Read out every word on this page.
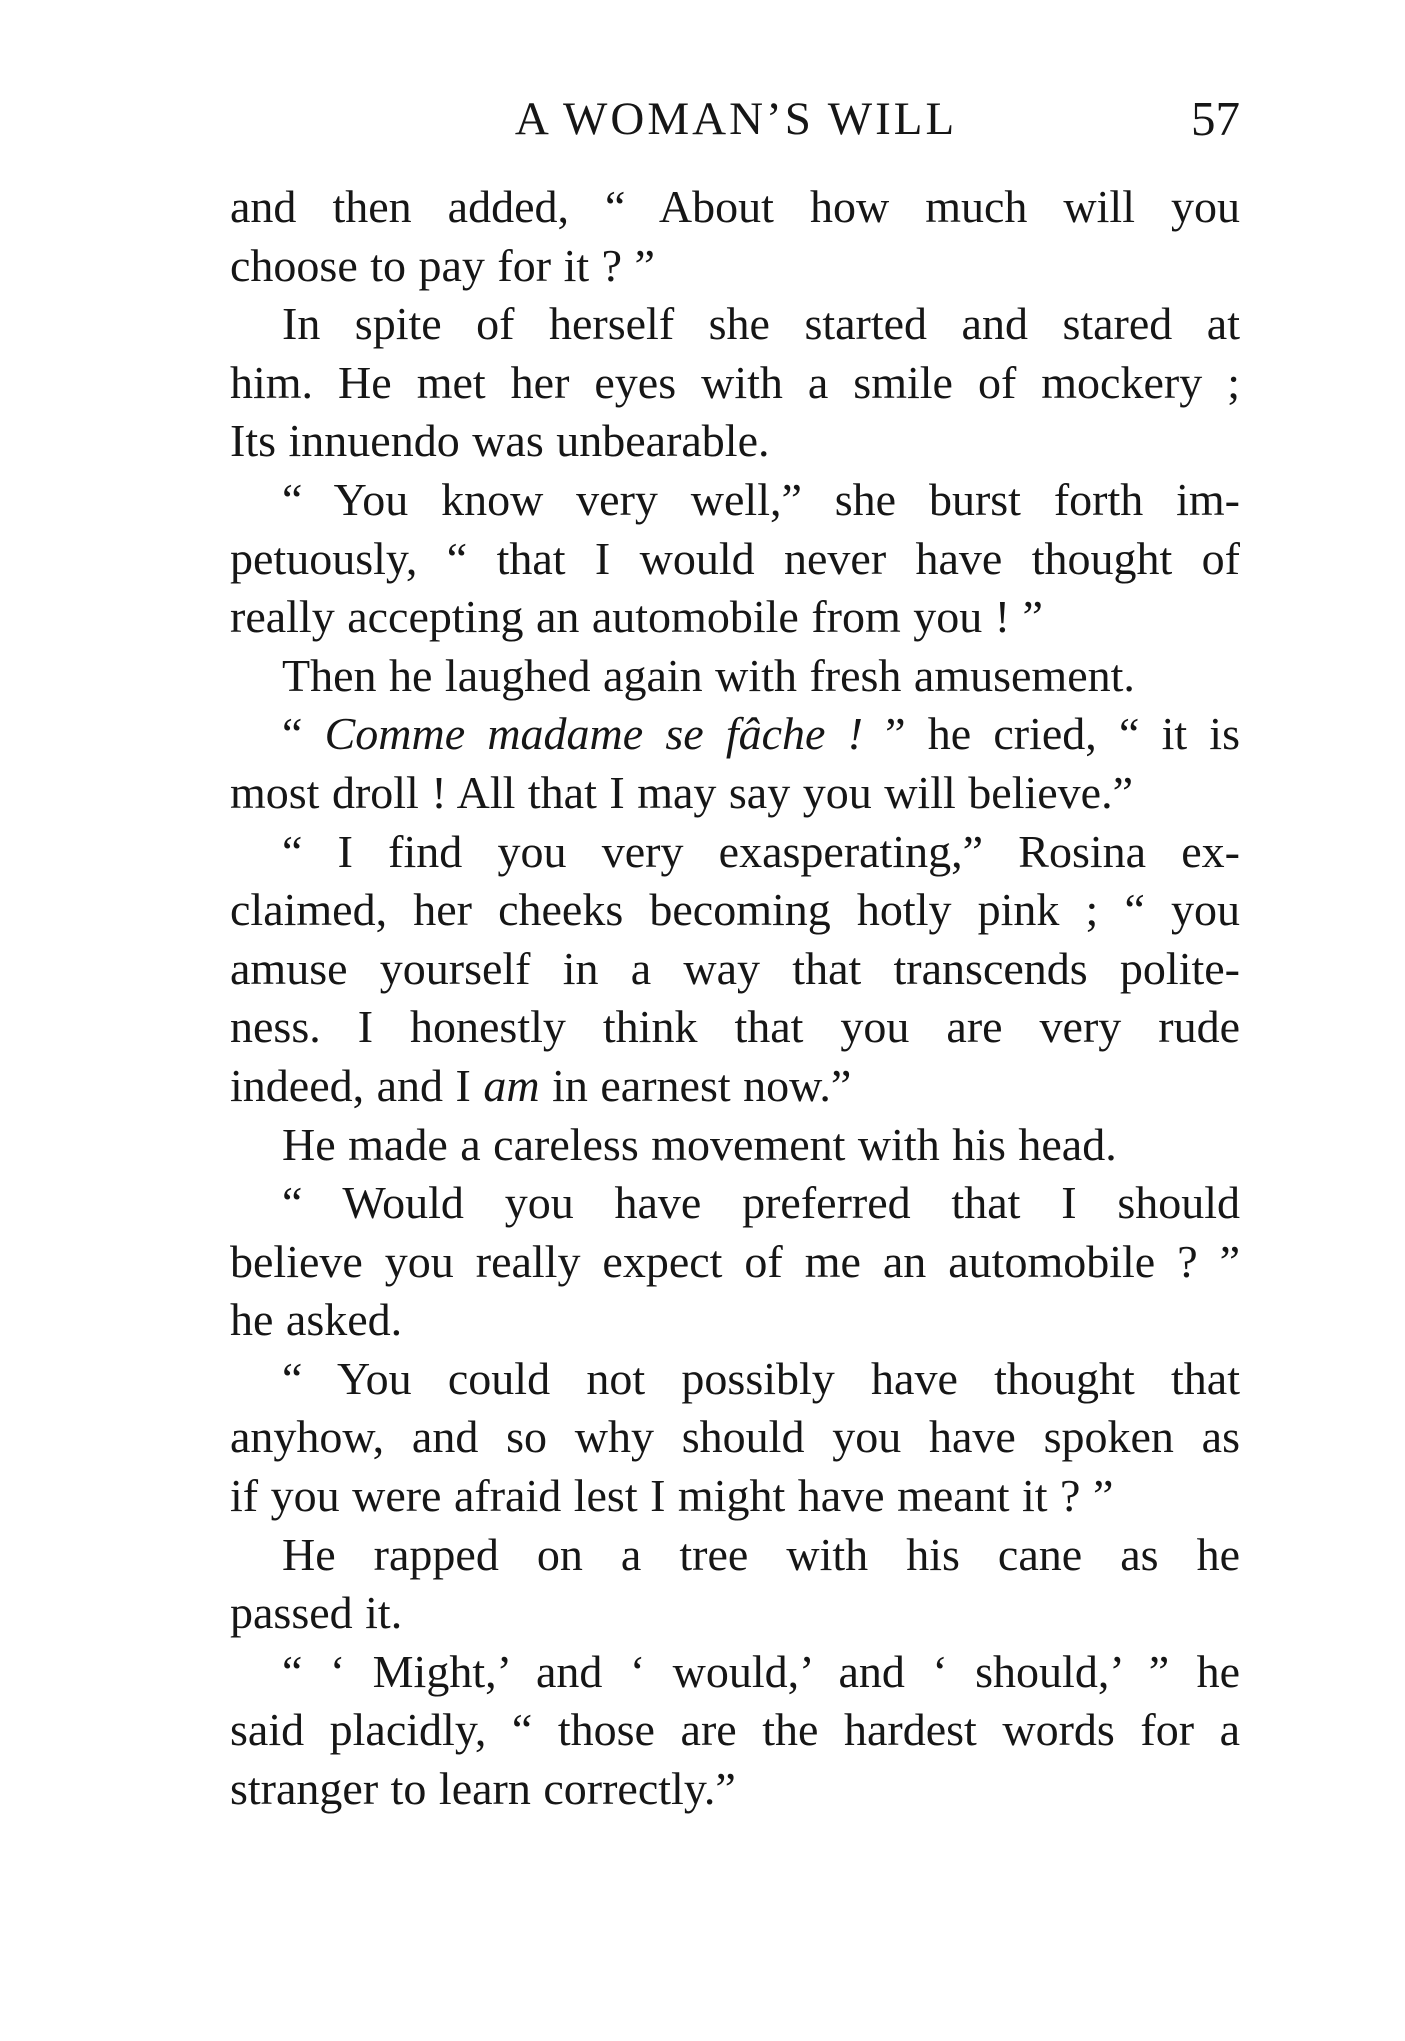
A WOMAN’S WILL	57
and then added, “ About how much will you
choose to pay for it ? ”
In spite of herself she started and stared at
him. He met her eyes with a smile of mockery ;
Its innuendo was unbearable.
“ You know very well,” she burst forth im-
petuously, “ that I would never have thought of
really accepting an automobile from you ! ”
Then he laughed again with fresh amusement.
“ Comme madame se fâche ! ” he cried, “ it is
most droll ! All that I may say you will believe.”
“ I find you very exasperating,” Rosina ex-
claimed, her cheeks becoming hotly pink ; “ you
amuse yourself in a way that transcends polite-
ness. I honestly think that you are very rude
indeed, and I am in earnest now.”
He made a careless movement with his head.
“ Would you have preferred that I should
believe you really expect of me an automobile ? ”
he asked.
“ You could not possibly have thought that
anyhow, and so why should you have spoken as
if you were afraid lest I might have meant it ? ”
He rapped on a tree with his cane as he
passed it.
“ ‘ Might,’ and ‘ would,’ and ‘ should,’ ” he
said placidly, “ those are the hardest words for a
stranger to learn correctly.”
